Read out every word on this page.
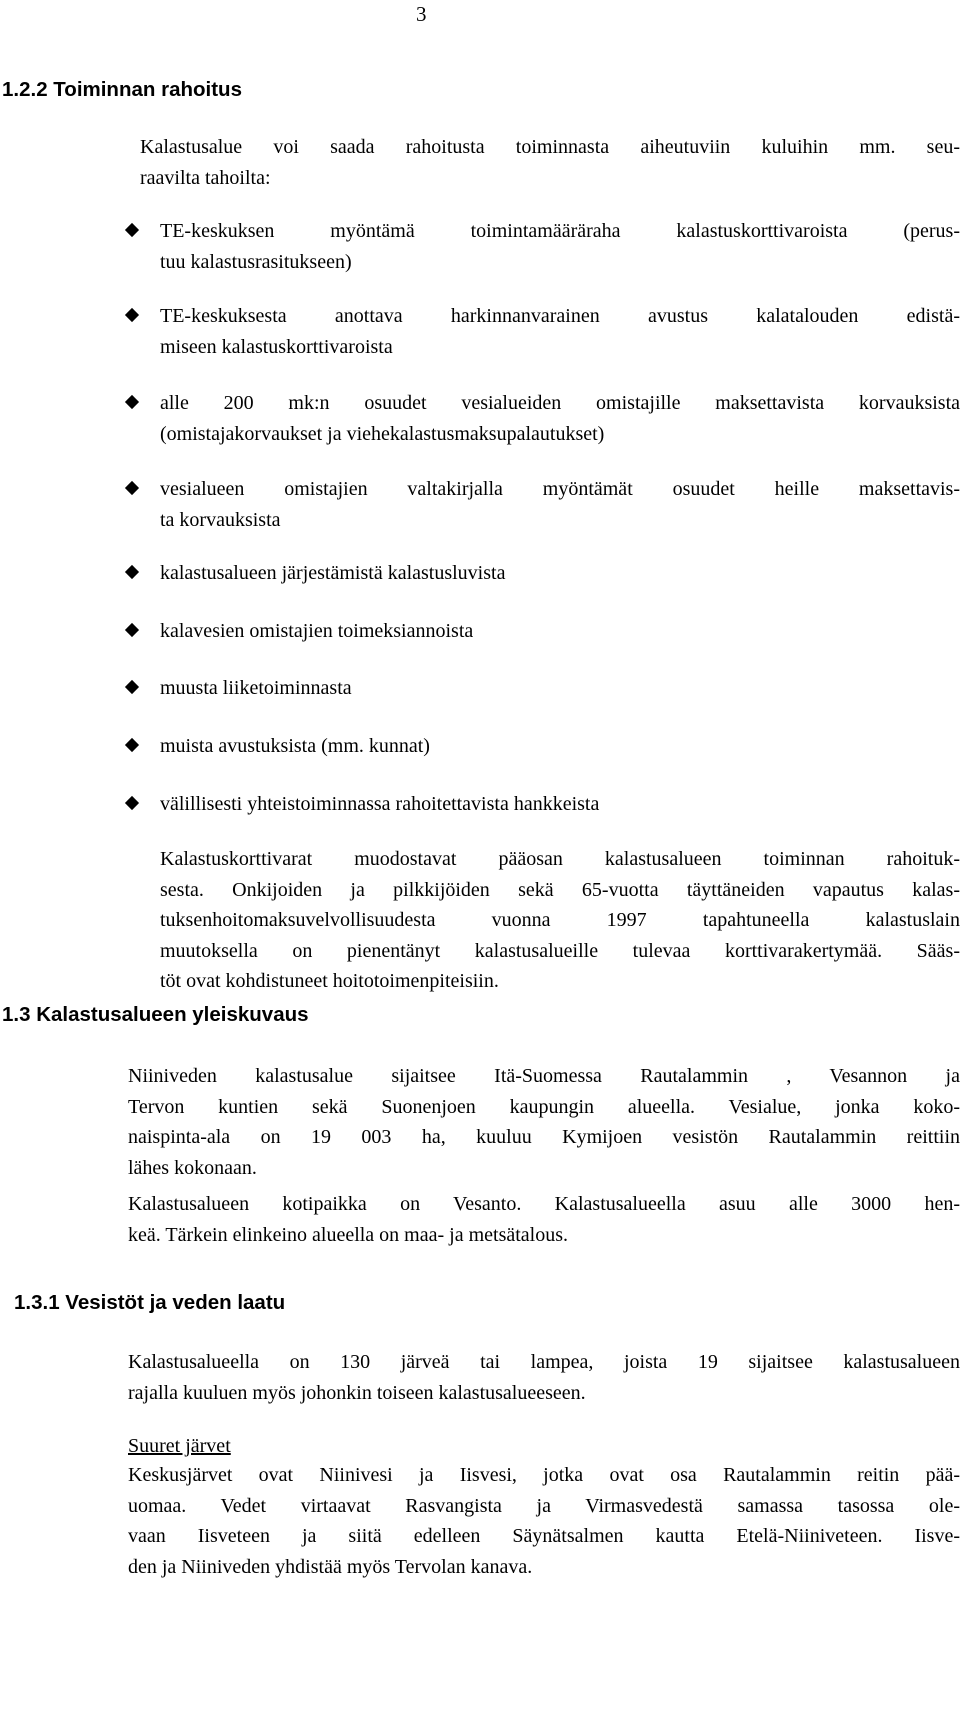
3
1.2.2 Toiminnan rahoitus
Kalastusalue voi saada rahoitusta toiminnasta aiheutuviin kuluihin mm. seu-
raavilta tahoilta:
TE-keskuksen myöntämä toimintamääräraha kalastuskorttivaroista (perus-
tuu kalastusrasitukseen)
TE-keskuksesta anottava harkinnanvarainen avustus kalatalouden edistä-
miseen kalastuskorttivaroista
alle 200 mk:n osuudet vesialueiden omistajille maksettavista korvauksista
(omistajakorvaukset ja viehekalastusmaksupalautukset)
vesialueen omistajien valtakirjalla myöntämät osuudet heille maksettavis-
ta korvauksista
kalastusalueen järjestämistä kalastusluvista
kalavesien omistajien toimeksiannoista
muusta liiketoiminnasta
muista avustuksista (mm. kunnat)
välillisesti yhteistoiminnassa rahoitettavista hankkeista
Kalastuskorttivarat muodostavat pääosan kalastusalueen toiminnan rahoituk-
sesta. Onkijoiden ja pilkkijöiden sekä 65-vuotta täyttäneiden vapautus kalas-
tuksenhoitomaksuvelvollisuudesta vuonna 1997 tapahtuneella kalastuslain
muutoksella on pienentänyt kalastusalueille tulevaa korttivarakertymää. Sääs-
töt ovat kohdistuneet hoitotoimenpiteisiin.
1.3 Kalastusalueen yleiskuvaus
Niiniveden kalastusalue sijaitsee Itä-Suomessa Rautalammin , Vesannon ja
Tervon kuntien sekä Suonenjoen kaupungin alueella. Vesialue, jonka koko-
naispinta-ala on 19 003 ha, kuuluu Kymijoen vesistön Rautalammin reittiin
lähes kokonaan.
Kalastusalueen kotipaikka on Vesanto. Kalastusalueella asuu alle 3000 hen-
keä. Tärkein elinkeino alueella on maa- ja metsätalous.
1.3.1 Vesistöt ja veden laatu
Kalastusalueella on 130 järveä tai lampea, joista 19 sijaitsee kalastusalueen
rajalla kuuluen myös johonkin toiseen kalastusalueeseen.
Suuret järvet
Keskusjärvet ovat Niinivesi ja Iisvesi, jotka ovat osa Rautalammin reitin pää-
uomaa. Vedet virtaavat Rasvangista ja Virmasvedestä samassa tasossa ole-
vaan Iisveteen ja siitä edelleen Säynätsalmen kautta Etelä-Niiniveteen. Iisve-
den ja Niiniveden yhdistää myös Tervolan kanava.
